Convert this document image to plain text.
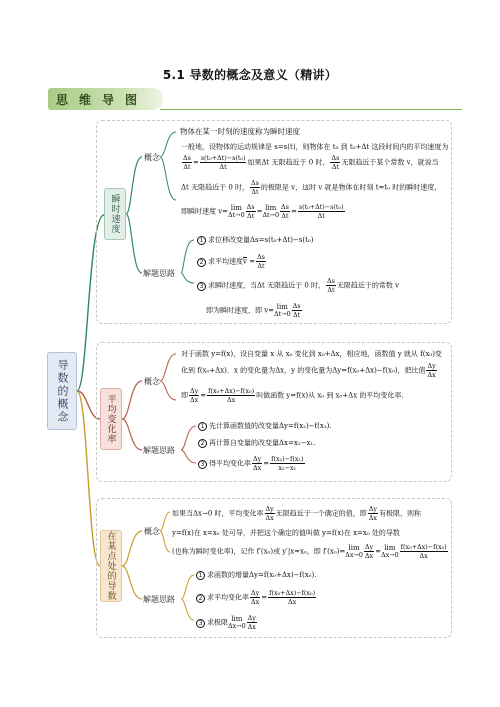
5.1 导数的概念及意义（精讲）
思维导图
导数的概念
瞬时速度
平均变化率
在某点处的导数
概念
解题思路
物体在某一时刻的速度称为瞬时速度
一般地，设物体的运动规律是 s=s(t)，则物体在 t₀ 到 t₀+Δt 这段时间内的平均速度为
$\frac{\Delta s}{\Delta t} = \frac{\text{s(t₀+Δt)−s(t₀)}}{\Delta t}$ 如果Δt 无限趋近于 0 时， $\frac{\Delta s}{\Delta t}$ 无限趋近于某个常数 v，就说当
Δt 无限趋近于 0 时， $\frac{\Delta s}{\Delta t}$ 的极限是 v，这时 v 就是物体在时刻 t=t₀ 时的瞬时速度，
即瞬时速度 v= lim
$\Delta t\to 0 \frac{\Delta s}{\Delta t} = \lim$
$\Delta t\to 0 \frac{\Delta s}{\Delta t} = \frac{\text{s(t₀+Δt)−s(t₀)}}{\Delta t}$
1 求位移改变量Δs=s(t₀+Δt)−s(t₀)
2 求平均速度$\overline{v} = \frac{\Delta s}{\Delta t}$
3 求瞬时速度，当Δt 无限趋近于 0 时， $\frac{\Delta s}{\Delta t}$ 无限趋近于的常数 v
即为瞬时速度，即 v= lim
$\Delta t\to 0 \frac{\Delta s}{\Delta t}$
概念
解题思路
对于函数 y=f(x)，设自变量 x 从 x₀ 变化到 x₀+Δx，相应地，函数值 y 就从 f(x₀)变
化到 f(x₀+Δx)．x 的变化量为Δx，y 的变化量为Δy=f(x₀+Δx)−f(x₀)，把比值 $\frac{\Delta y}{\Delta x}$
即 $\frac{\Delta y}{\Delta x} = \frac{\text{f(x₀+Δx)−f(x₀)}}{\Delta x}$ 叫做函数 y=f(x)从 x₀ 到 x₀+Δx 的平均变化率.
1 先计算函数值的改变量Δy=f(x₂)−f(x₁).
2 再计算自变量的改变量Δx=x₂−x₁.
3 得平均变化率 $\frac{\Delta y}{\Delta x} = \frac{\text{f(x₂)−f(x₁)}}{\text{x₂−x₁}}$
概念
解题思路
如果当Δx→0 时，平均变化率 $\frac{\Delta y}{\Delta x}$ 无限趋近于一个确定的值，即 $\frac{\Delta y}{\Delta x}$ 有极限，则称
y=f(x)在 x=x₀ 处可导，并把这个确定的值叫做 y=f(x)在 x=x₀ 处的导数
(也称为瞬时变化率)，记作 f′(x₀)或 y′|x=x₀，即 f′(x₀)= lim
$\Delta x\to 0 \frac{\Delta y}{\Delta x} = \lim$
$\Delta x\to 0 \frac{\text{f(x₀+Δx)−f(x₀)}}{\Delta x}$
1 求函数的增量Δy=f(x₀+Δx)−f(x₀).
2 求平均变化率 $\frac{\Delta y}{\Delta x} = \frac{\text{f(x₀+Δx)−f(x₀)}}{\Delta x}$
3 求极限 lim
$\Delta x\to 0 \frac{\Delta y}{\Delta x}$
